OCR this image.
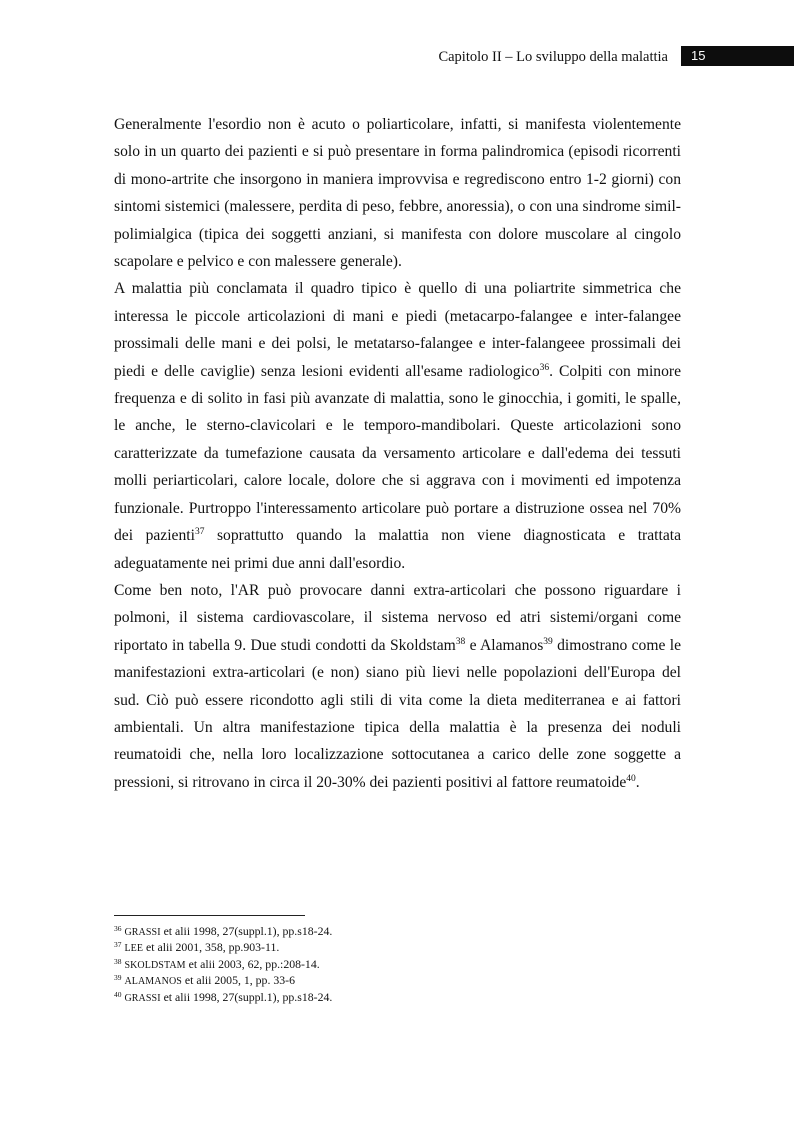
Capitolo II – Lo sviluppo della malattia 15

Generalmente l'esordio non è acuto o poliarticolare, infatti, si manifesta violentemente solo in un quarto dei pazienti e si può presentare in forma palindromica (episodi ricorrenti di mono-artrite che insorgono in maniera improvvisa e regrediscono entro 1-2 giorni) con sintomi sistemici (malessere, perdita di peso, febbre, anoressia), o con una sindrome simil-polimialgica (tipica dei soggetti anziani, si manifesta con dolore muscolare al cingolo scapolare e pelvico e con malessere generale).

A malattia più conclamata il quadro tipico è quello di una poliartrite simmetrica che interessa le piccole articolazioni di mani e piedi (metacarpo-falangee e inter-falangee prossimali delle mani e dei polsi, le metatarso-falangee e inter-falangeee prossimali dei piedi e delle caviglie) senza lesioni evidenti all'esame radiologico$^{36}$. Colpiti con minore frequenza e di solito in fasi più avanzate di malattia, sono le ginocchia, i gomiti, le spalle, le anche, le sterno-clavicolari e le temporo-mandibolari. Queste articolazioni sono caratterizzate da tumefazione causata da versamento articolare e dall'edema dei tessuti molli periarticolari, calore locale, dolore che si aggrava con i movimenti ed impotenza funzionale. Purtroppo l'interessamento articolare può portare a distruzione ossea nel 70% dei pazienti$^{37}$ soprattutto quando la malattia non viene diagnosticata e trattata adeguatamente nei primi due anni dall'esordio.

Come ben noto, l'AR può provocare danni extra-articolari che possono riguardare i polmoni, il sistema cardiovascolare, il sistema nervoso ed atri sistemi/organi come riportato in tabella 9. Due studi condotti da Skoldstam$^{38}$ e Alamanos$^{39}$ dimostrano come le manifestazioni extra-articolari (e non) siano più lievi nelle popolazioni dell'Europa del sud. Ciò può essere ricondotto agli stili di vita come la dieta mediterranea e ai fattori ambientali. Un altra manifestazione tipica della malattia è la presenza dei noduli reumatoidi che, nella loro localizzazione sottocutanea a carico delle zone soggette a pressioni, si ritrovano in circa il 20-30% dei pazienti positivi al fattore reumatoide$^{40}$.

$^{36}$ GRASSI et alii 1998, 27(suppl.1), pp.s18-24.
$^{37}$ LEE et alii 2001, 358, pp.903-11.
$^{38}$ SKOLDSTAM et alii 2003, 62, pp.:208-14.
$^{39}$ ALAMANOS et alii 2005, 1, pp. 33-6
$^{40}$ GRASSI et alii 1998, 27(suppl.1), pp.s18-24.
